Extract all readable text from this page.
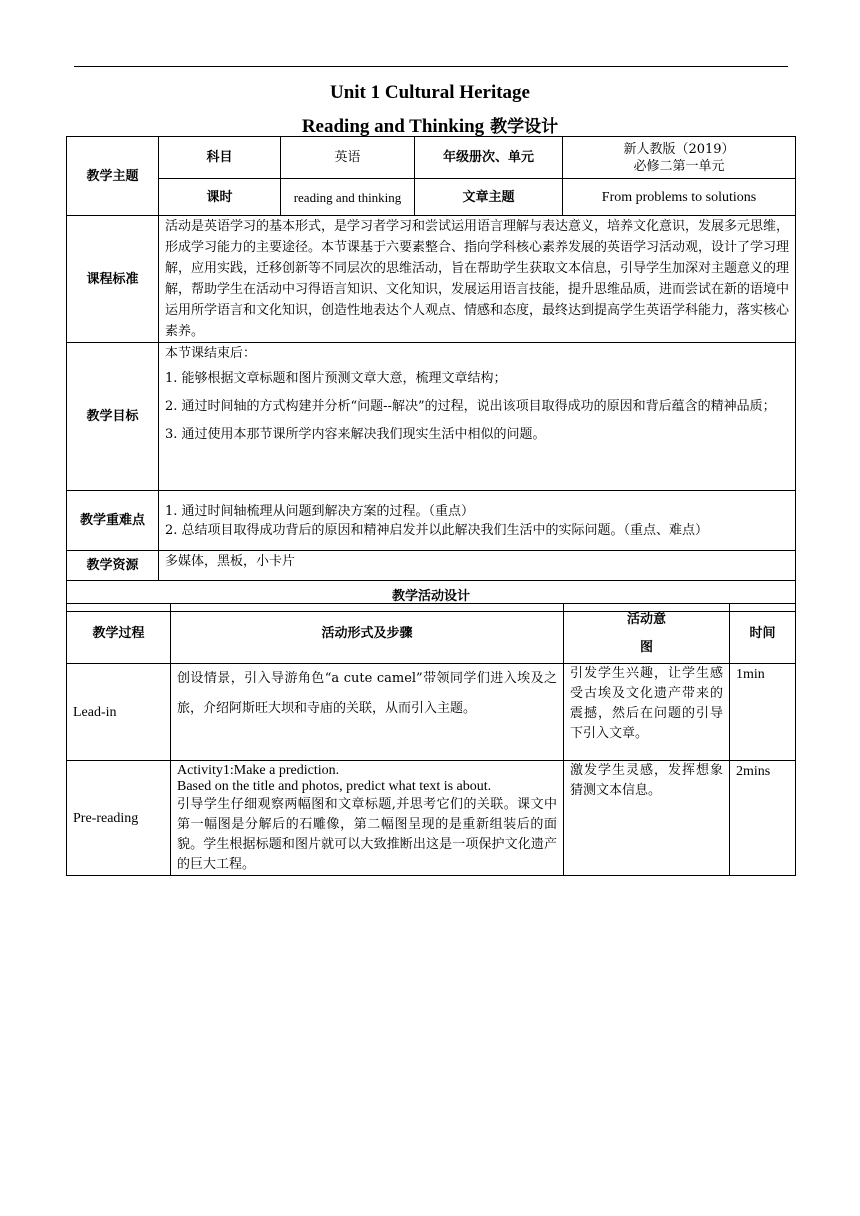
Unit 1 Cultural Heritage
Reading and Thinking 教学设计
教学主题	科目	英语	年级册次、单元	新人教版（2019）
必修二第一单元

	课时	reading and thinking	文章主题	From problems to solutions
课程标准	活动是英语学习的基本形式，是学习者学习和尝试运用语言理解与表达意义，培养文化意识，发展多元思维，形成学习能力的主要途径。本节课基于六要素整合、指向学科核心素养发展的英语学习活动观，设计了学习理解，应用实践，迁移创新等不同层次的思维活动，旨在帮助学生获取文本信息，引导学生加深对主题意义的理解，帮助学生在活动中习得语言知识、文化知识，发展运用语言技能，提升思维品质，进而尝试在新的语境中运用所学语言和文化知识，创造性地表达个人观点、情感和态度，最终达到提高学生英语学科能力，落实核心素养。			
教学目标	本节课结束后：

1. 能够根据文章标题和图片预测文章大意，梳理文章结构；

2. 通过时间轴的方式构建并分析“问题--解决”的过程，说出该项目取得成功的原因和背后蕴含的精神品质；

3. 通过使用本那节课所学内容来解决我们现实生活中相似的问题。			

教学重难点	1. 通过时间轴梳理从问题到解决方案的过程。（重点）

2. 总结项目取得成功背后的原因和精神启发并以此解决我们生活中的实际问题。（重点、难点）			

教学资源	多媒体，黑板，小卡片			
教学活动设计				
教学过程	活动形式及步骤	活动意图	时间
Lead-in	创设情景，引入导游角色“a cute camel”带领同学们进入埃及之旅，介绍阿斯旺大坝和寺庙的关联，从而引入主题。	引发学生兴趣，让学生感受古埃及文化遗产带来的震撼，然后在问题的引导下引入文章。	1min
Pre-reading	Activity1:Make a prediction.
Based on the title and photos, predict what text is about.
引导学生仔细观察两幅图和文章标题,并思考它们的关联。课文中第一幅图是分解后的石雕像，第二幅图呈现的是重新组装后的面貌。学生根据标题和图片就可以大致推断出这是一项保护文化遗产的巨大工程。	激发学生灵感，发挥想象猜测文本信息。	2mins
